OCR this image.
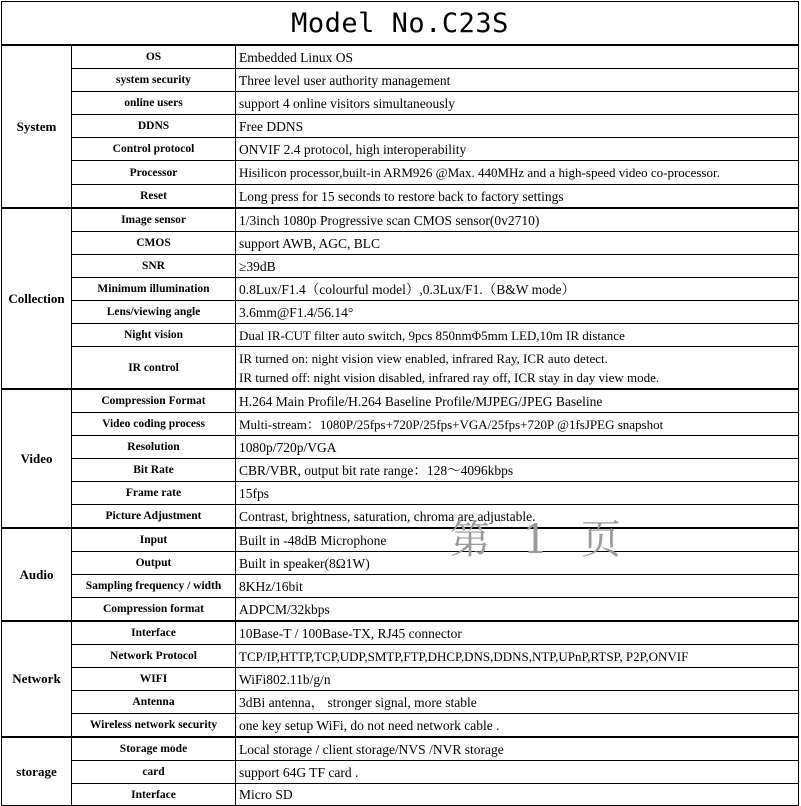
Model No.C23S		
System	OS	Embedded Linux OS
	system security	Three level user authority management
	online users	support 4 online visitors simultaneously
	DDNS	Free DDNS
	Control protocol	ONVIF 2.4 protocol, high interoperability
	Processor	Hisilicon processor,built-in ARM926 @Max. 440MHz and a high-speed video co-processor.
	Reset	Long press for 15 seconds to restore back to factory settings
Collection	Image sensor	1/3inch 1080p Progressive scan CMOS sensor(0v2710)
	CMOS	support AWB, AGC, BLC
	SNR	≥39dB
	Minimum illumination	0.8Lux/F1.4（colourful model）,0.3Lux/F1.（B&W mode）
	Lens/viewing angle	3.6mm@F1.4/56.14°
	Night vision	Dual IR-CUT filter auto switch, 9pcs 850nmΦ5mm LED,10m IR distance
	IR control	IR turned on: night vision view enabled, infrared Ray, ICR auto detect.
IR turned off: night vision disabled, infrared ray off, ICR stay in day view mode.

Video	Compression Format	H.264 Main Profile/H.264 Baseline Profile/MJPEG/JPEG Baseline
	Video coding process	Multi-stream：1080P/25fps+720P/25fps+VGA/25fps+720P @1fsJPEG snapshot
	Resolution	1080p/720p/VGA
	Bit Rate	CBR/VBR, output bit rate range：128～4096kbps
	Frame rate	15fps
	Picture Adjustment	Contrast, brightness, saturation, chroma are adjustable.
Audio	Input	Built in -48dB Microphone
	Output	Built in speaker(8Ω1W)
	Sampling frequency / width	8KHz/16bit
	Compression format	ADPCM/32kbps
Network	Interface	10Base-T / 100Base-TX, RJ45 connector
	Network Protocol	TCP/IP,HTTP,TCP,UDP,SMTP,FTP,DHCP,DNS,DDNS,NTP,UPnP,RTSP, P2P,ONVIF
	WIFI	WiFi802.11b/g/n
	Antenna	3dBi antenna， stronger signal, more stable
	Wireless network security	one key setup WiFi, do not need network cable .
storage	Storage mode	Local storage / client storage/NVS /NVR storage
	card	support 64G TF card .
	Interface	Micro SD
第 1 页
